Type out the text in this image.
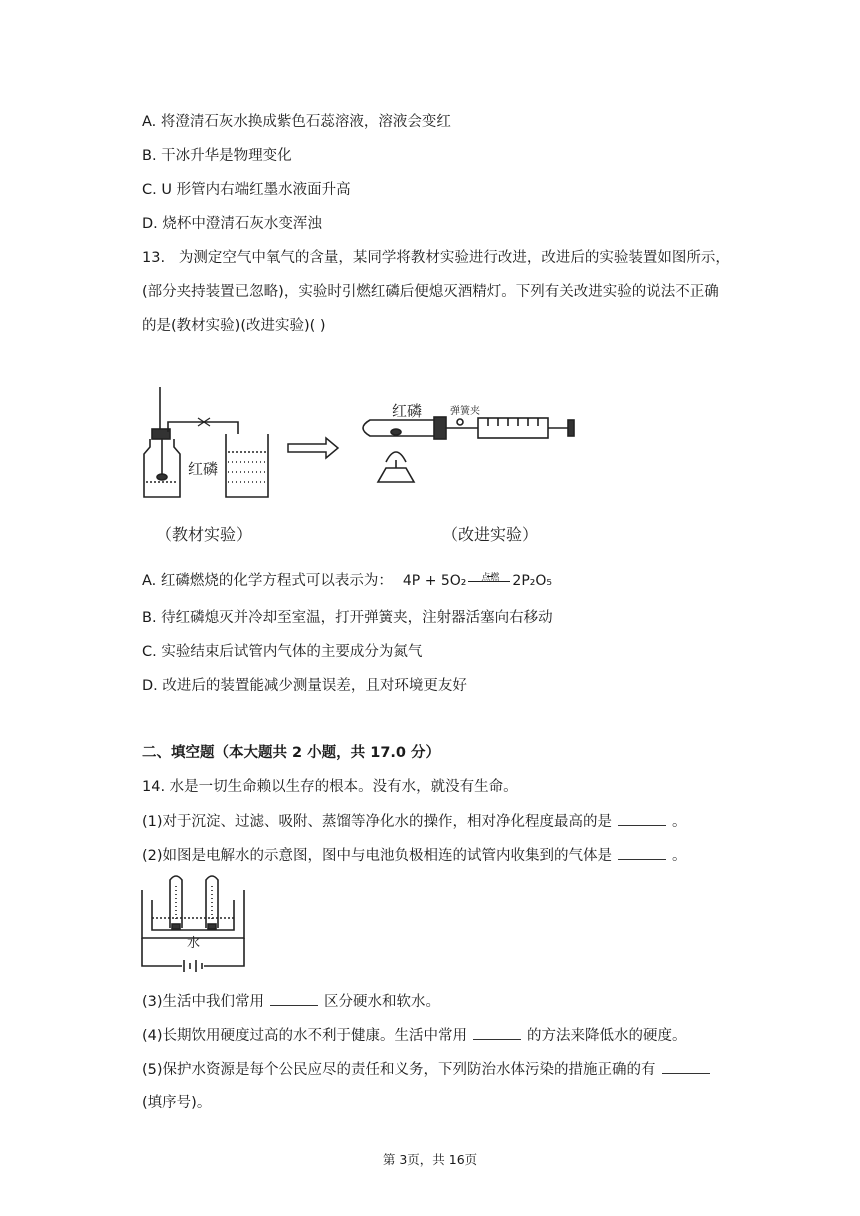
A. 将澄清石灰水换成紫色石蕊溶液，溶液会变红
B. 干冰升华是物理变化
C. U 形管内右端红墨水液面升高
D. 烧杯中澄清石灰水变浑浊
13. 为测定空气中氧气的含量，某同学将教材实验进行改进，改进后的实验装置如图所示，
(部分夹持装置已忽略)，实验时引燃红磷后便熄灭酒精灯。下列有关改进实验的说法不正确
的是(教材实验)(改进实验)( )
红磷
红磷	弹簧夹
（教材实验）	（改进实验）
A. 红磷燃烧的化学方程式可以表示为： 4P + 5O₂	点燃 2P₂O₅
B. 待红磷熄灭并冷却至室温，打开弹簧夹，注射器活塞向右移动
C. 实验结束后试管内气体的主要成分为氮气
D. 改进后的装置能减少测量误差，且对环境更友好
二、填空题（本大题共 2 小题，共 17.0 分）
14. 水是一切生命赖以生存的根本。没有水，就没有生命。
(1)对于沉淀、过滤、吸附、蒸馏等净化水的操作，相对净化程度最高的是	。
(2)如图是电解水的示意图，图中与电池负极相连的试管内收集到的气体是	。
水
(3)生活中我们常用	区分硬水和软水。
(4)长期饮用硬度过高的水不利于健康。生活中常用	的方法来降低水的硬度。
(5)保护水资源是每个公民应尽的责任和义务，下列防治水体污染的措施正确的有
(填序号)。
第 3页，共 16页
